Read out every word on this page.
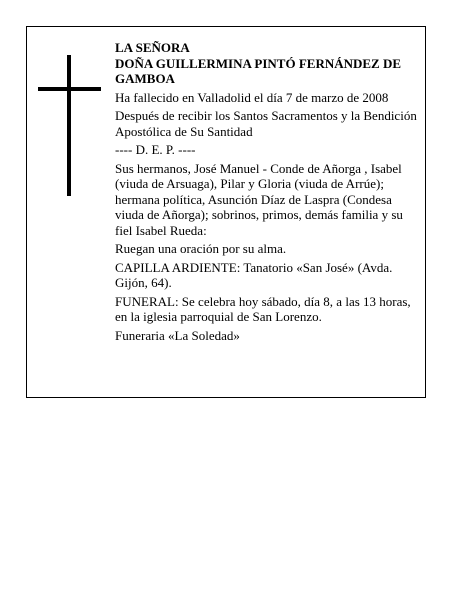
LA SEÑORA

DOÑA GUILLERMINA PINTÓ FERNÁNDEZ DE GAMBOA

Ha fallecido en Valladolid el día 7 de marzo de 2008

Después de recibir los Santos Sacramentos y la Bendición Apostólica de Su Santidad

---- D. E. P. ----

Sus hermanos, José Manuel - Conde de Añorga , Isabel (viuda de Arsuaga), Pilar y Gloria (viuda de Arrúe); hermana política, Asunción Díaz de Laspra (Condesa viuda de Añorga); sobrinos, primos, demás familia y su fiel Isabel Rueda:

Ruegan una oración por su alma.

CAPILLA ARDIENTE: Tanatorio «San José» (Avda. Gijón, 64).

FUNERAL: Se celebra hoy sábado, día 8, a las 13 horas, en la iglesia parroquial de San Lorenzo.

Funeraria «La Soledad»
